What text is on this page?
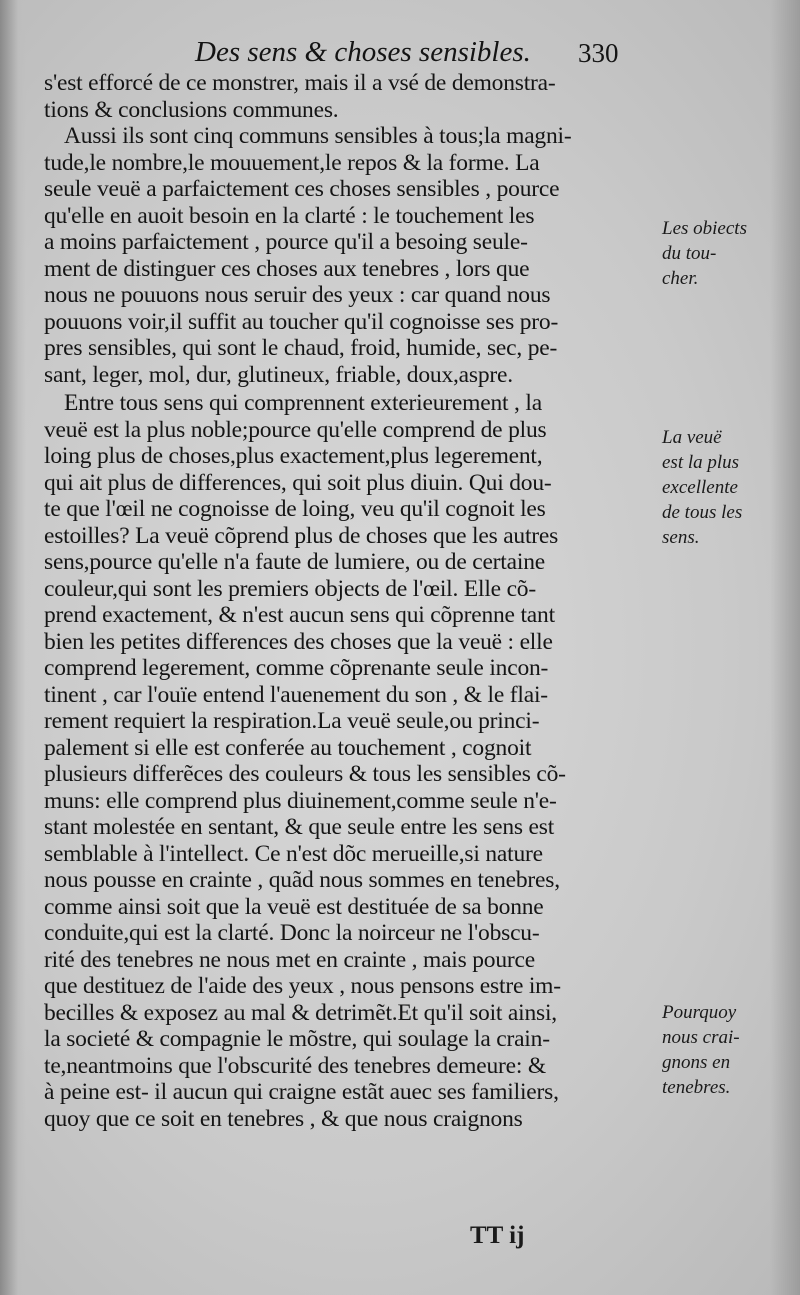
Des sens & choses sensibles. 330
s'est efforcé de ce monstrer, mais il a vsé de demonstra-
tions & conclusions communes.
Aussi ils sont cinq communs sensibles à tous;la magni-
tude,le nombre,le mouuement,le repos & la forme. La
seule veuë a parfaictement ces choses sensibles , pource
qu'elle en auoit besoin en la clarté : le touchement les
a moins parfaictement , pource qu'il a besoing seule-
ment de distinguer ces choses aux tenebres , lors que
nous ne pouuons nous seruir des yeux : car quand nous
pouuons voir,il suffit au toucher qu'il cognoisse ses pro-
pres sensibles, qui sont le chaud, froid, humide, sec, pe-
sant, leger, mol, dur, glutineux, friable, doux,aspre.
Entre tous sens qui comprennent exterieurement , la
veuë est la plus noble;pource qu'elle comprend de plus
loing plus de choses,plus exactement,plus legerement,
qui ait plus de differences, qui soit plus diuin. Qui dou-
te que l'œil ne cognoisse de loing, veu qu'il cognoit les
estoilles? La veuë cõprend plus de choses que les autres
sens,pource qu'elle n'a faute de lumiere, ou de certaine
couleur,qui sont les premiers objects de l'œil. Elle cõ-
prend exactement, & n'est aucun sens qui cõprenne tant
bien les petites differences des choses que la veuë : elle
comprend legerement, comme cõprenante seule incon-
tinent , car l'ouïe entend l'auenement du son , & le flai-
rement requiert la respiration.La veuë seule,ou princi-
palement si elle est conferée au touchement , cognoit
plusieurs differẽces des couleurs & tous les sensibles cõ-
muns: elle comprend plus diuinement,comme seule n'e-
stant molestée en sentant, & que seule entre les sens est
semblable à l'intellect. Ce n'est dõc merueille,si nature
nous pousse en crainte , quãd nous sommes en tenebres,
comme ainsi soit que la veuë est destituée de sa bonne
conduite,qui est la clarté. Donc la noirceur ne l'obscu-
rité des tenebres ne nous met en crainte , mais pource
que destituez de l'aide des yeux , nous pensons estre im-
becilles & exposez au mal & detrimẽt.Et qu'il soit ainsi,
la societé & compagnie le mõstre, qui soulage la crain-
te,neantmoins que l'obscurité des tenebres demeure: &
à peine est- il aucun qui craigne estãt auec ses familiers,
quoy que ce soit en tenebres , & que nous craignons
Les obiects
du tou-
cher.
La veuë
est la plus
excellente
de tous les
sens.
Pourquoy
nous crai-
gnons en
tenebres.
TT ij
